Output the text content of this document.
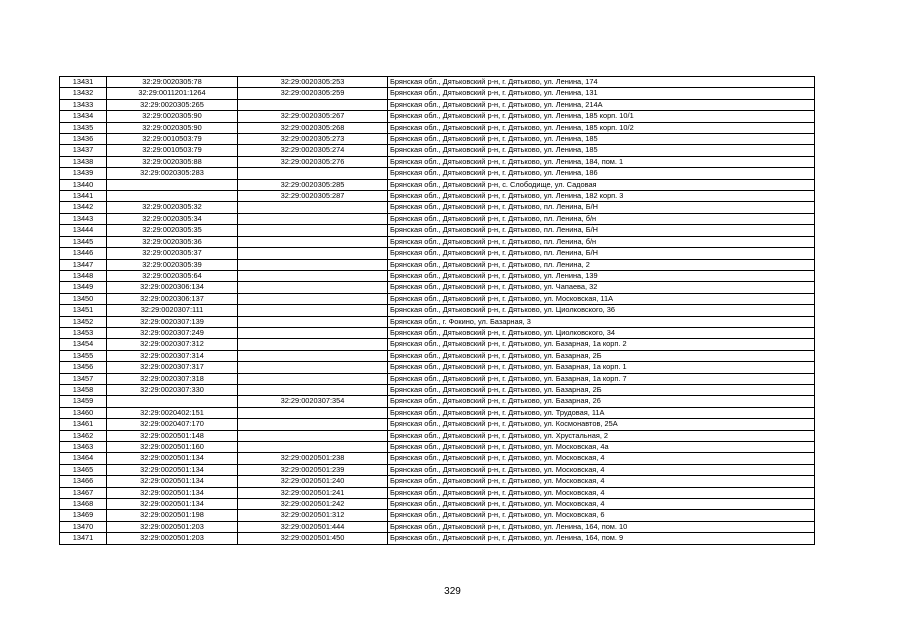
13431	32:29:0020305:78	32:29:0020305:253	Брянская обл., Дятьковский р-н, г. Дятьково, ул. Ленина, 174
13432	32:29:0011201:1264	32:29:0020305:259	Брянская обл., Дятьковский р-н, г. Дятьково, ул. Ленина, 131
13433	32:29:0020305:265		Брянская обл., Дятьковский р-н, г. Дятьково, ул. Ленина, 214А
13434	32:29:0020305:90	32:29:0020305:267	Брянская обл., Дятьковский р-н, г. Дятьково, ул. Ленина, 185 корп. 10/1
13435	32:29:0020305:90	32:29:0020305:268	Брянская обл., Дятьковский р-н, г. Дятьково, ул. Ленина, 185 корп. 10/2
13436	32:29:0010503:79	32:29:0020305:273	Брянская обл., Дятьковский р-н, г. Дятьково, ул. Ленина, 185
13437	32:29:0010503:79	32:29:0020305:274	Брянская обл., Дятьковский р-н, г. Дятьково, ул. Ленина, 185
13438	32:29:0020305:88	32:29:0020305:276	Брянская обл., Дятьковский р-н, г. Дятьково, ул. Ленина, 184, пом. 1
13439	32:29:0020305:283		Брянская обл., Дятьковский р-н, г. Дятьково, ул. Ленина, 186
13440		32:29:0020305:285	Брянская обл., Дятьковский р-н, с. Слободище, ул. Садовая
13441		32:29:0020305:287	Брянская обл., Дятьковский р-н, г. Дятьково, ул. Ленина, 182 корп. 3
13442	32:29:0020305:32		Брянская обл., Дятьковский р-н, г. Дятьково, пл. Ленина, Б/Н
13443	32:29:0020305:34		Брянская обл., Дятьковский р-н, г. Дятьково, пл. Ленина, б/н
13444	32:29:0020305:35		Брянская обл., Дятьковский р-н, г. Дятьково, пл. Ленина, Б/Н
13445	32:29:0020305:36		Брянская обл., Дятьковский р-н, г. Дятьково, пл. Ленина, б/н
13446	32:29:0020305:37		Брянская обл., Дятьковский р-н, г. Дятьково, пл. Ленина, Б/Н
13447	32:29:0020305:39		Брянская обл., Дятьковский р-н, г. Дятьково, пл. Ленина, 2
13448	32:29:0020305:64		Брянская обл., Дятьковский р-н, г. Дятьково, ул. Ленина, 139
13449	32:29:0020306:134		Брянская обл., Дятьковский р-н, г. Дятьково, ул. Чапаева, 32
13450	32:29:0020306:137		Брянская обл., Дятьковский р-н, г. Дятьково, ул. Московская, 11А
13451	32:29:0020307:111		Брянская обл., Дятьковский р-н, г. Дятьково, ул. Циолковского, 36
13452	32:29:0020307:139		Брянская обл., г. Фокино, ул. Базарная, 3
13453	32:29:0020307:249		Брянская обл., Дятьковский р-н, г. Дятьково, ул. Циолковского, 34
13454	32:29:0020307:312		Брянская обл., Дятьковский р-н, г. Дятьково, ул. Базарная, 1а корп. 2
13455	32:29:0020307:314		Брянская обл., Дятьковский р-н, г. Дятьково, ул. Базарная, 2Б
13456	32:29:0020307:317		Брянская обл., Дятьковский р-н, г. Дятьково, ул. Базарная, 1а корп. 1
13457	32:29:0020307:318		Брянская обл., Дятьковский р-н, г. Дятьково, ул. Базарная, 1а корп. 7
13458	32:29:0020307:330		Брянская обл., Дятьковский р-н, г. Дятьково, ул. Базарная, 2Б
13459		32:29:0020307:354	Брянская обл., Дятьковский р-н, г. Дятьково, ул. Базарная, 26
13460	32:29:0020402:151		Брянская обл., Дятьковский р-н, г. Дятьково, ул. Трудовая, 11А
13461	32:29:0020407:170		Брянская обл., Дятьковский р-н, г. Дятьково, ул. Космонавтов, 25А
13462	32:29:0020501:148		Брянская обл., Дятьковский р-н, г. Дятьково, ул. Хрустальная, 2
13463	32:29:0020501:160		Брянская обл., Дятьковский р-н, г. Дятьково, ул. Московская, 4а
13464	32:29:0020501:134	32:29:0020501:238	Брянская обл., Дятьковский р-н, г. Дятьково, ул. Московская, 4
13465	32:29:0020501:134	32:29:0020501:239	Брянская обл., Дятьковский р-н, г. Дятьково, ул. Московская, 4
13466	32:29:0020501:134	32:29:0020501:240	Брянская обл., Дятьковский р-н, г. Дятьково, ул. Московская, 4
13467	32:29:0020501:134	32:29:0020501:241	Брянская обл., Дятьковский р-н, г. Дятьково, ул. Московская, 4
13468	32:29:0020501:134	32:29:0020501:242	Брянская обл., Дятьковский р-н, г. Дятьково, ул. Московская, 4
13469	32:29:0020501:198	32:29:0020501:312	Брянская обл., Дятьковский р-н, г. Дятьково, ул. Московская, 6
13470	32:29:0020501:203	32:29:0020501:444	Брянская обл., Дятьковский р-н, г. Дятьково, ул. Ленина, 164, пом. 10
13471	32:29:0020501:203	32:29:0020501:450	Брянская обл., Дятьковский р-н, г. Дятьково, ул. Ленина, 164, пом. 9
329
